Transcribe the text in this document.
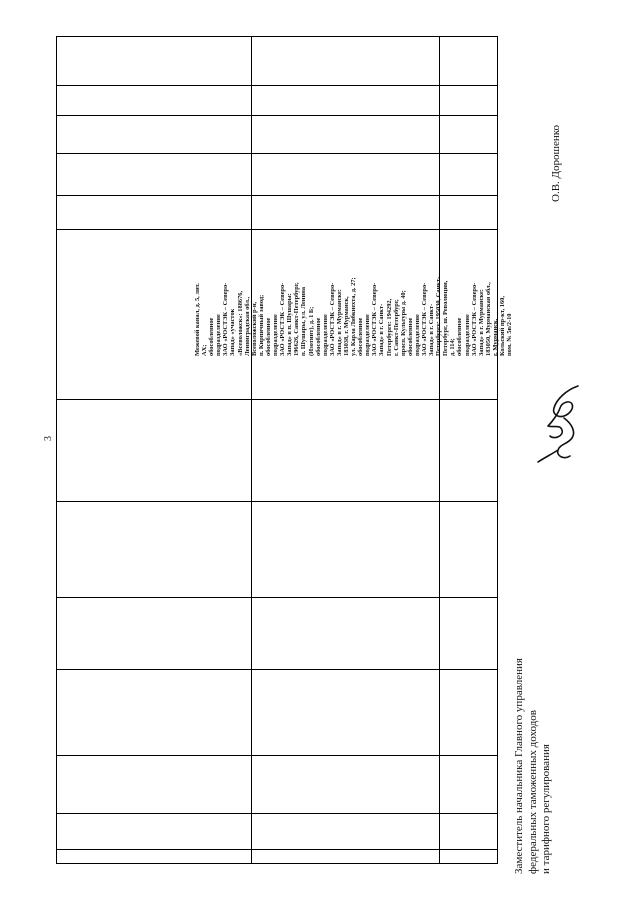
3
Межевой канал, д. 5, лит. АХ; обособленное подразделение ЗАО «РОСТЭК – Северо- Запад» «участок «Всеволожск»: 188676, Ленинградская обл., Всеволожский р-н, п. Кирпичный завод; обособленное подразделение ЗАО «РОСТЭК – Северо- Запад» в п. Шушары: 196626, Санкт-Петербург, п. Шушары, ул. Ленина (Изотинт), д. 1 Б; обособленное подразделение ЗАО «РОСТЭК – Северо- Запад» в г. Мурманске: 183038, г. Мурманск, ул. Карла Либкнехта, д. 27; обособленное подразделение ЗАО «РОСТЭК – Северо- Запад» в г. Санкт- Петербурге: 194292, г. Санкт-Петербург, просп. Культуры д. 40; обособленное подразделение ЗАО «РОСТЭК – Северо- Запад» в г. Санкт- Петербурге: 195030, Санкт- Петербург, ш. Революции, д. 114; обособленное подразделение ЗАО «РОСТЭК – Северо- Запад» в г. Мурманске: 183050, Мурманская обл., г. Мурманск, Кольский пр-кт, 160, пом. № 5в/2-10
Заместитель начальника Главного управления федеральных таможенных доходов и тарифного регулирования
О.В. Дорошенко
